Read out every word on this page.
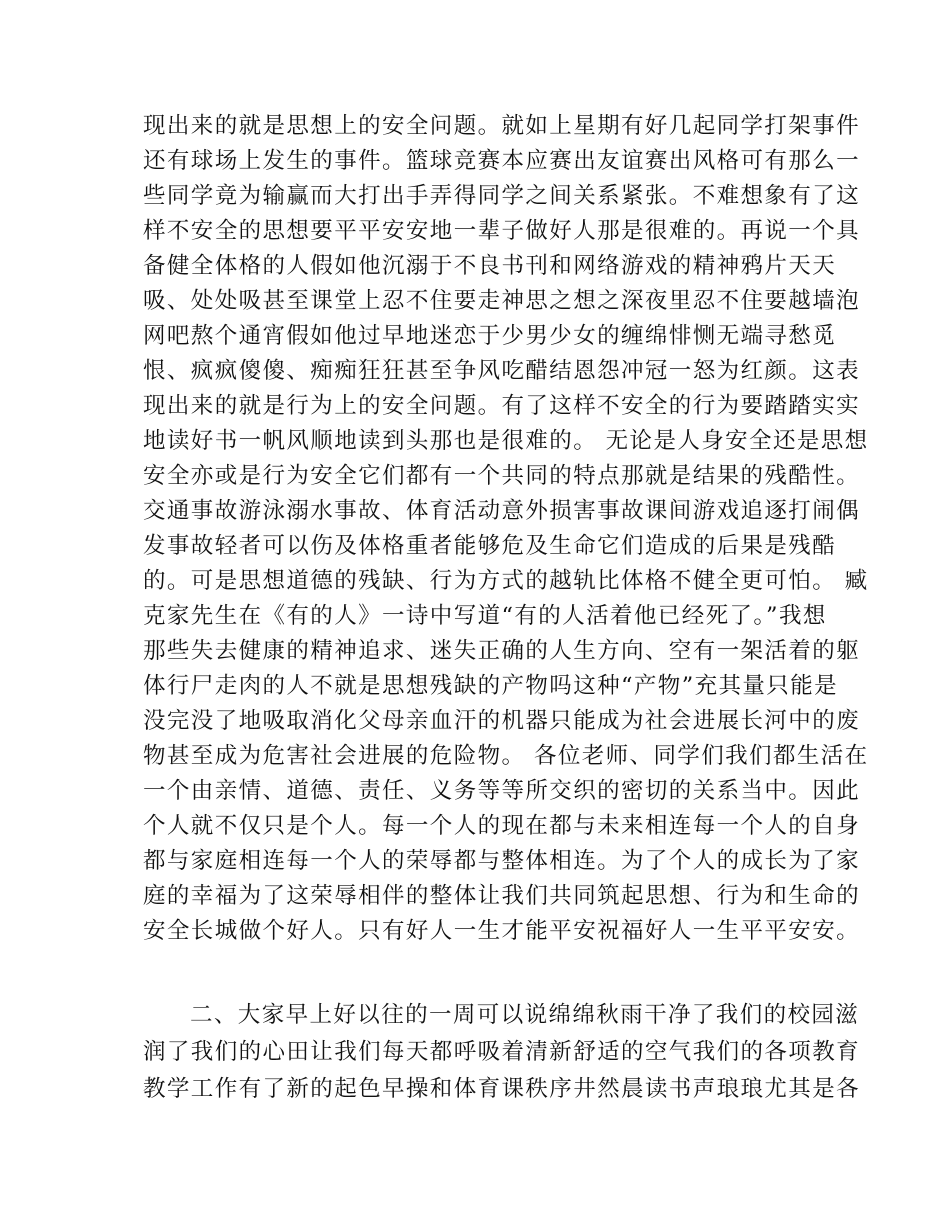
现出来的就是思想上的安全问题。就如上星期有好几起同学打架事件
还有球场上发生的事件。篮球竞赛本应赛出友谊赛出风格可有那么一
些同学竟为输赢而大打出手弄得同学之间关系紧张。不难想象有了这
样不安全的思想要平平安安地一辈子做好人那是很难的。再说一个具
备健全体格的人假如他沉溺于不良书刊和网络游戏的精神鸦片天天
吸、处处吸甚至课堂上忍不住要走神思之想之深夜里忍不住要越墙泡
网吧熬个通宵假如他过早地迷恋于少男少女的缠绵悱恻无端寻愁觅
恨、疯疯傻傻、痴痴狂狂甚至争风吃醋结恩怨冲冠一怒为红颜。这表
现出来的就是行为上的安全问题。有了这样不安全的行为要踏踏实实
地读好书一帆风顺地读到头那也是很难的。 无论是人身安全还是思想
安全亦或是行为安全它们都有一个共同的特点那就是结果的残酷性。
交通事故游泳溺水事故、体育活动意外损害事故课间游戏追逐打闹偶
发事故轻者可以伤及体格重者能够危及生命它们造成的后果是残酷
的。可是思想道德的残缺、行为方式的越轨比体格不健全更可怕。 臧
克家先生在《有的人》一诗中写道“有的人活着他已经死了。”我想
那些失去健康的精神追求、迷失正确的人生方向、空有一架活着的躯
体行尸走肉的人不就是思想残缺的产物吗这种“产物”充其量只能是
没完没了地吸取消化父母亲血汗的机器只能成为社会进展长河中的废
物甚至成为危害社会进展的危险物。 各位老师、同学们我们都生活在
一个由亲情、道德、责任、义务等等所交织的密切的关系当中。因此
个人就不仅只是个人。每一个人的现在都与未来相连每一个人的自身
都与家庭相连每一个人的荣辱都与整体相连。为了个人的成长为了家
庭的幸福为了这荣辱相伴的整体让我们共同筑起思想、行为和生命的
安全长城做个好人。只有好人一生才能平安祝福好人一生平平安安。
二、大家早上好以往的一周可以说绵绵秋雨干净了我们的校园滋
润了我们的心田让我们每天都呼吸着清新舒适的空气我们的各项教育
教学工作有了新的起色早操和体育课秩序井然晨读书声琅琅尤其是各
